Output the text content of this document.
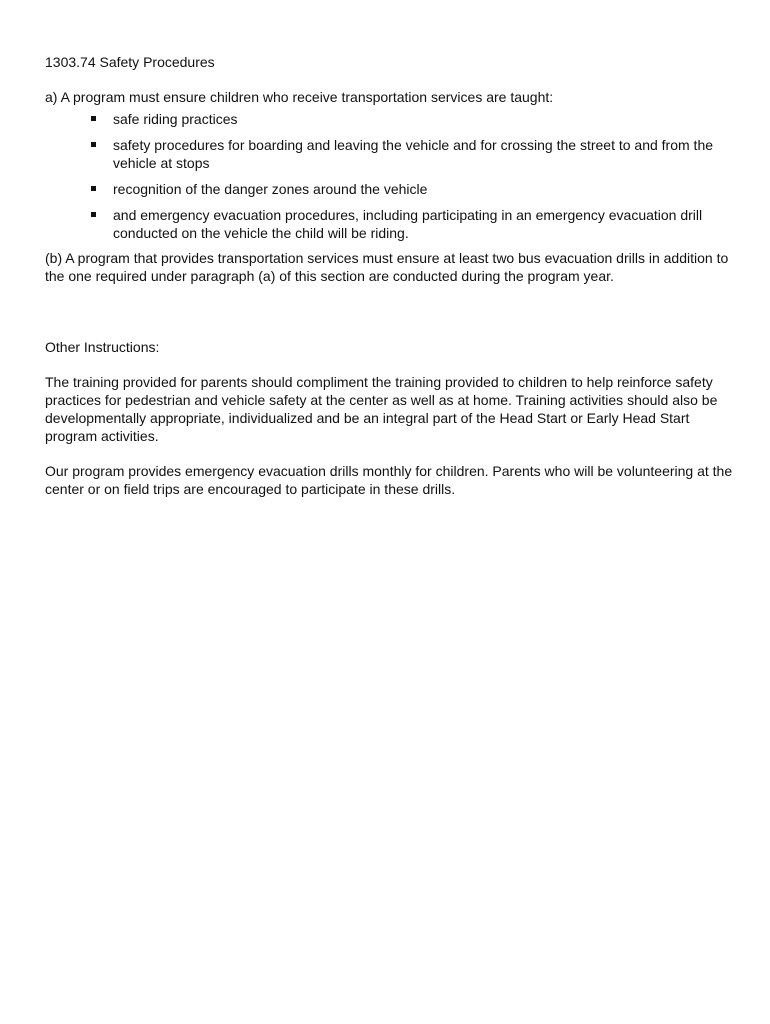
1303.74 Safety Procedures

a) A program must ensure children who receive transportation services are taught:

safe riding practices
safety procedures for boarding and leaving the vehicle and for crossing the street to and from the vehicle at stops
recognition of the danger zones around the vehicle
and emergency evacuation procedures, including participating in an emergency evacuation drill conducted on the vehicle the child will be riding.

(b) A program that provides transportation services must ensure at least two bus evacuation drills in addition to the one required under paragraph (a) of this section are conducted during the program year.

Other Instructions:

The training provided for parents should compliment the training provided to children to help reinforce safety practices for pedestrian and vehicle safety at the center as well as at home. Training activities should also be developmentally appropriate, individualized and be an integral part of the Head Start or Early Head Start program activities.

Our program provides emergency evacuation drills monthly for children. Parents who will be volunteering at the center or on field trips are encouraged to participate in these drills.
